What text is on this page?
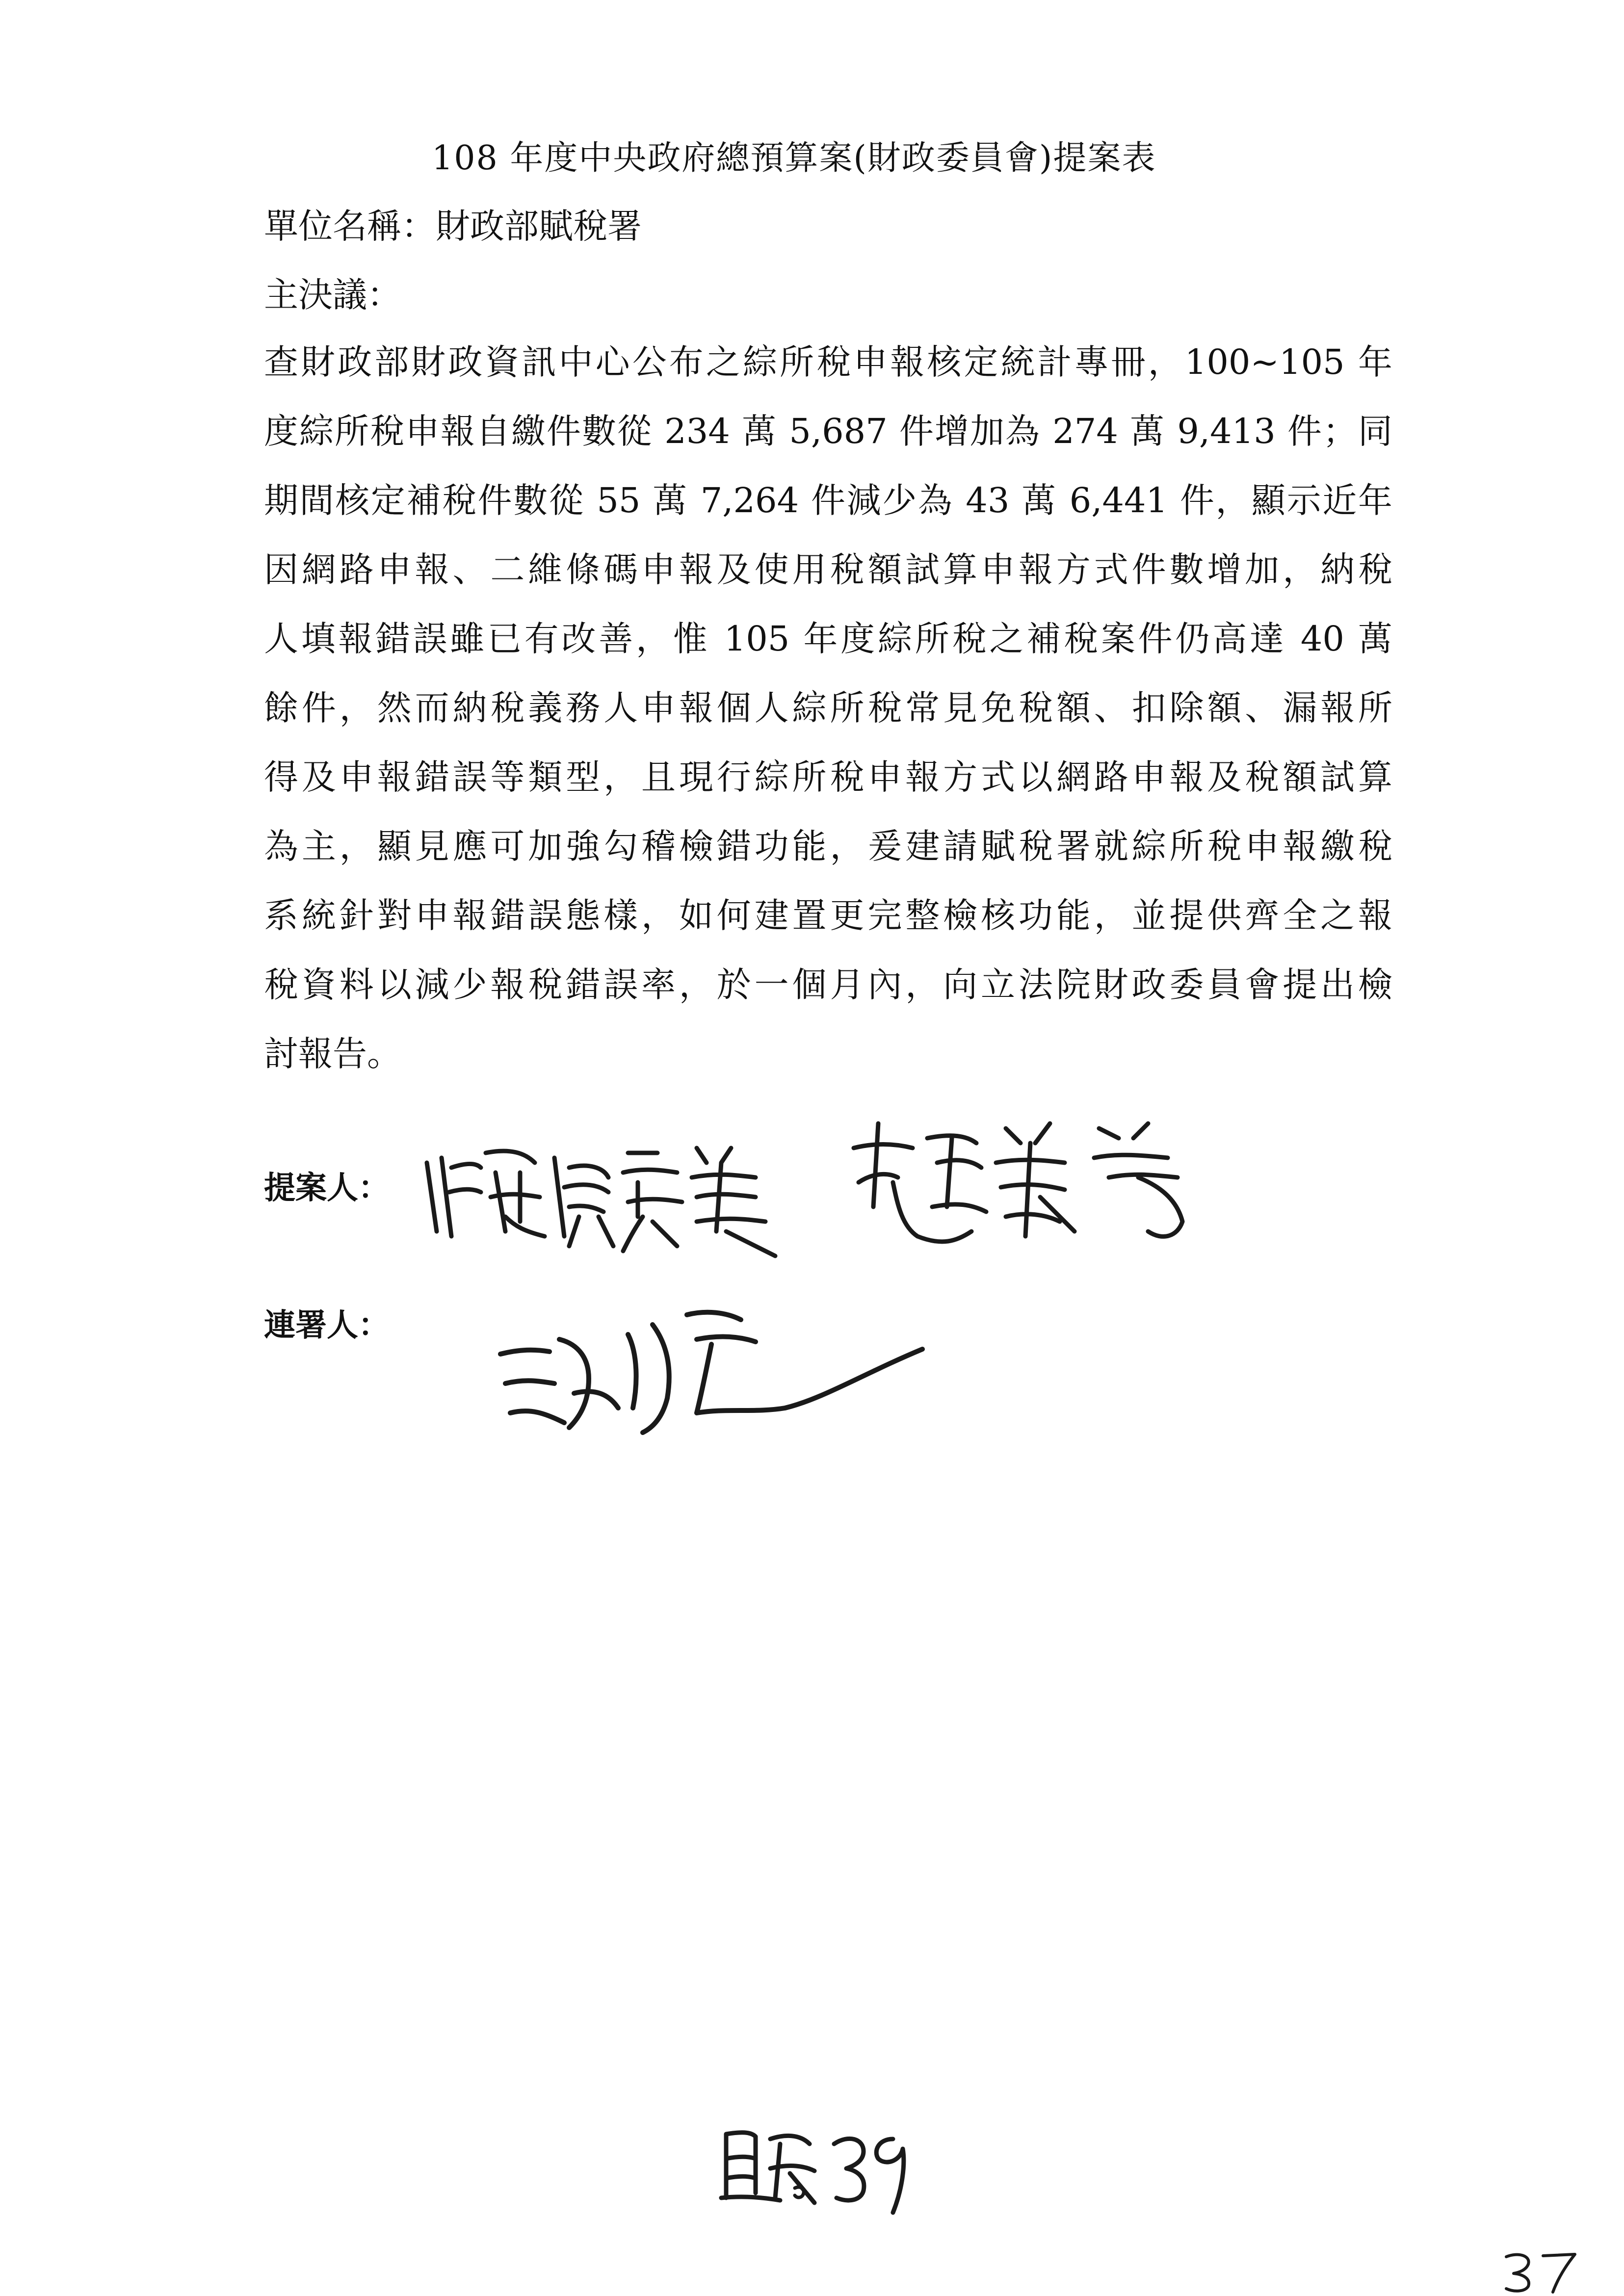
108 年度中央政府總預算案(財政委員會)提案表
單位名稱：財政部賦稅署
主決議：
查財政部財政資訊中心公布之綜所稅申報核定統計專冊，100~105 年
度綜所稅申報自繳件數從 234 萬 5,687 件增加為 274 萬 9,413 件；同
期間核定補稅件數從 55 萬 7,264 件減少為 43 萬 6,441 件，顯示近年
因網路申報、二維條碼申報及使用稅額試算申報方式件數增加，納稅
人填報錯誤雖已有改善，惟 105 年度綜所稅之補稅案件仍高達 40 萬
餘件，然而納稅義務人申報個人綜所稅常見免稅額、扣除額、漏報所
得及申報錯誤等類型，且現行綜所稅申報方式以網路申報及稅額試算
為主，顯見應可加強勾稽檢錯功能，爰建請賦稅署就綜所稅申報繳稅
系統針對申報錯誤態樣，如何建置更完整檢核功能，並提供齊全之報
稅資料以減少報稅錯誤率，於一個月內，向立法院財政委員會提出檢
討報告。
提案人：
連署人：
